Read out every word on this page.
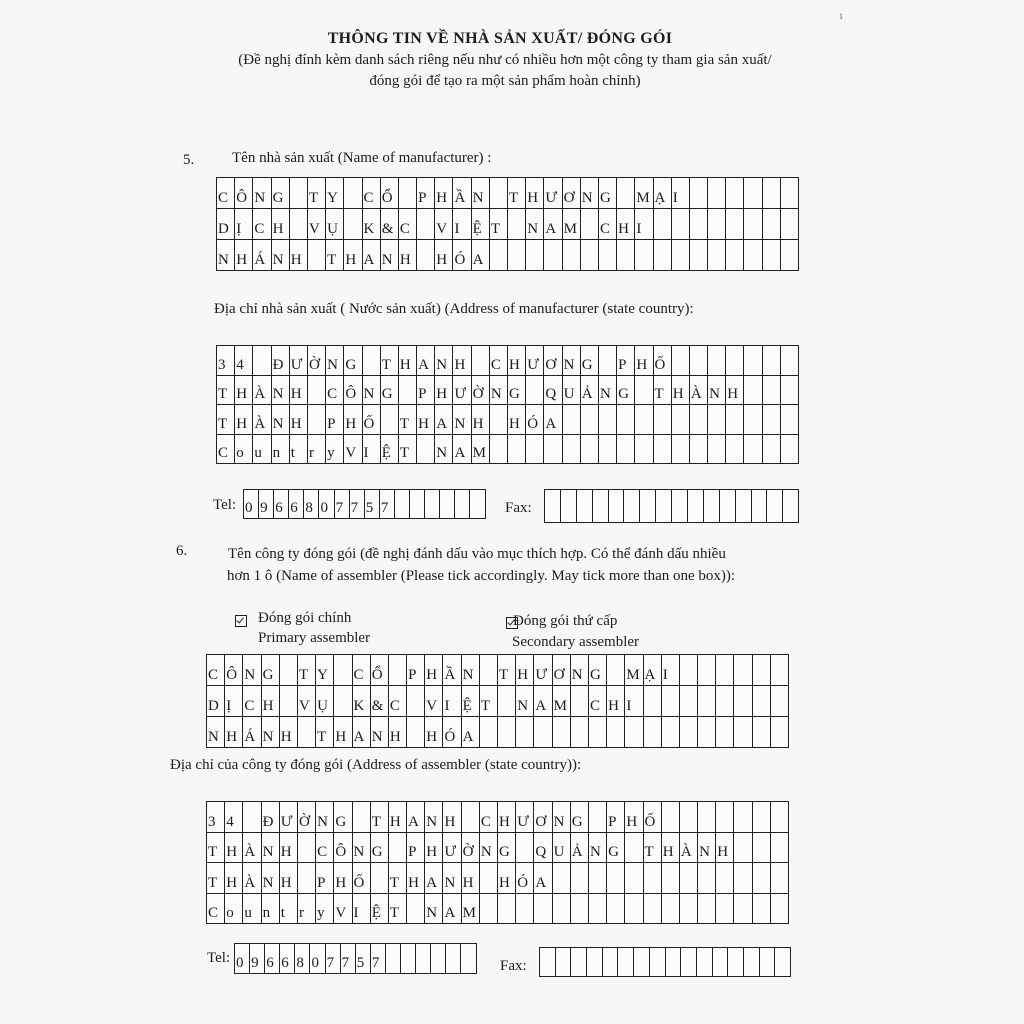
1
THÔNG TIN VỀ NHÀ SẢN XUẤT/ ĐÓNG GÓI
(Đề nghị đính kèm danh sách riêng nếu như có nhiều hơn một công ty tham gia sản xuất/
đóng gói để tạo ra một sản phẩm hoàn chỉnh)
5.	Tên nhà sản xuất (Name of manufacturer) :
C Ô N G	T Y	C Ổ	P H Ầ N	T H Ư Ơ N G	M Ạ I
D Ị C H	V Ụ	K & C	V I Ệ T	N A M C H I
N H Á N H	T H A N H	H Ó A
Địa chỉ nhà sản xuất ( Nước sản xuất) (Address of manufacturer (state country):
3 4	Đ Ư Ờ N G	T H A N H	C H Ư Ơ N G	P H Ố
T H À N H	C Ô N G	P H Ư Ờ N G	Q U Ả N G	T H À N H
T H À N H	P H Ố	T H A N H	H Ó A
C o u n t r y V I Ệ T	N A M
Tel: 0 9 6 6 8 0 7 7 5 7	Fax:
6.	Tên công ty đóng gói (đề nghị đánh dấu vào mục thích hợp. Có thể đánh dấu nhiều
hơn 1 ô (Name of assembler (Please tick accordingly. May tick more than one box)):

Đóng gói chính
Primary assembler
Đóng gói thứ cấp
Secondary assembler
C Ô N G	T Y	C Ổ	P H Ầ N	T H Ư Ơ N G	M Ạ I
D Ị C H	V Ụ	K & C	V I Ệ T	N A M C H I
N H Á N H	T H A N H	H Ó A
Địa chỉ của công ty đóng gói (Address of assembler (state country)):
3 4	Đ Ư Ờ N G	T H A N H	C H Ư Ơ N G	P H Ố
T H À N H	C Ô N G	P H Ư Ờ N G	Q U Ả N G	T H À N H
T H À N H	P H Ố	T H A N H	H Ó A
C o u n t r y V I Ệ T	N A M
Tel: 0 9 6 6 8 0 7 7 5 7	Fax:
